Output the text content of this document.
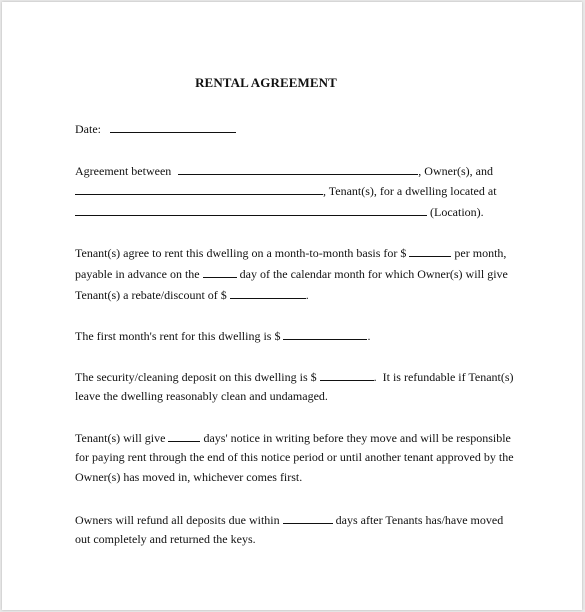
RENTAL AGREEMENT
Date:
Agreement between	, Owner(s), and
, Tenant(s), for a dwelling located at
(Location).
Tenant(s) agree to rent this dwelling on a month-to-month basis for $	per month,
payable in advance on the	day of the calendar month for which Owner(s) will give
Tenant(s) a rebate/discount of $	.
The first month's rent for this dwelling is $	.
The security/cleaning deposit on this dwelling is $	.  It is refundable if Tenant(s)
leave the dwelling reasonably clean and undamaged.
Tenant(s) will give	days' notice in writing before they move and will be responsible
for paying rent through the end of this notice period or until another tenant approved by the
Owner(s) has moved in, whichever comes first.
Owners will refund all deposits due within	days after Tenants has/have moved
out completely and returned the keys.
